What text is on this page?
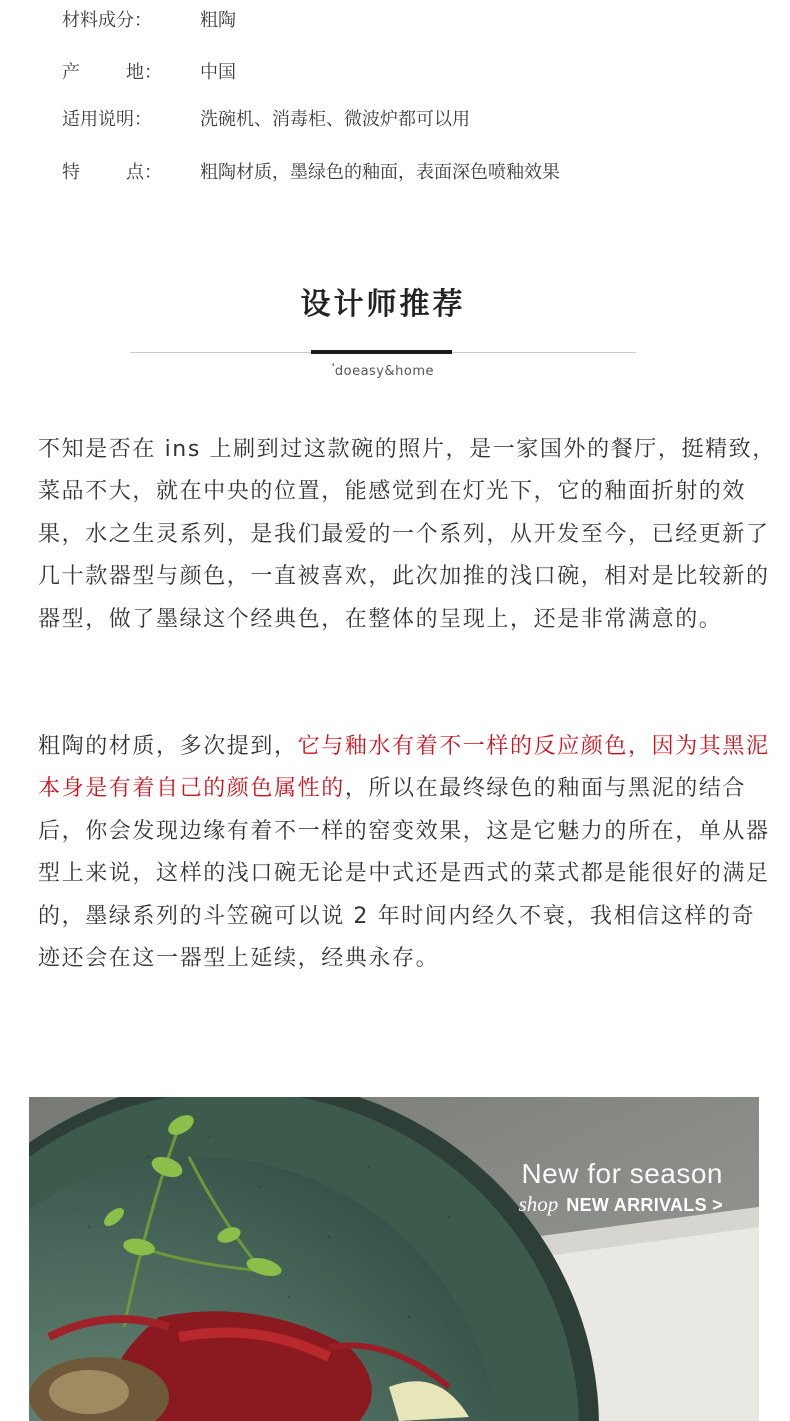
材料成分：	粗陶
产	地： 中国
适用说明：	洗碗机、消毒柜、微波炉都可以用
特	点： 粗陶材质，墨绿色的釉面，表面深色喷釉效果
设计师推荐
𝄒doeasy&home

不知是否在 ins 上刷到过这款碗的照片，是一家国外的餐厅，挺精致，菜品不大，就在中央的位置，能感觉到在灯光下，它的釉面折射的效果，水之生灵系列，是我们最爱的一个系列，从开发至今，已经更新了几十款器型与颜色，一直被喜欢，此次加推的浅口碗，相对是比较新的器型，做了墨绿这个经典色，在整体的呈现上，还是非常满意的。

粗陶的材质，多次提到，它与釉水有着不一样的反应颜色，因为其黑泥本身是有着自己的颜色属性的，所以在最终绿色的釉面与黑泥的结合后，你会发现边缘有着不一样的窑变效果，这是它魅力的所在，单从器型上来说，这样的浅口碗无论是中式还是西式的菜式都是能很好的满足的，墨绿系列的斗笠碗可以说 2 年时间内经久不衰，我相信这样的奇迹还会在这一器型上延续，经典永存。

New for season
shop NEW ARRIVALS >
